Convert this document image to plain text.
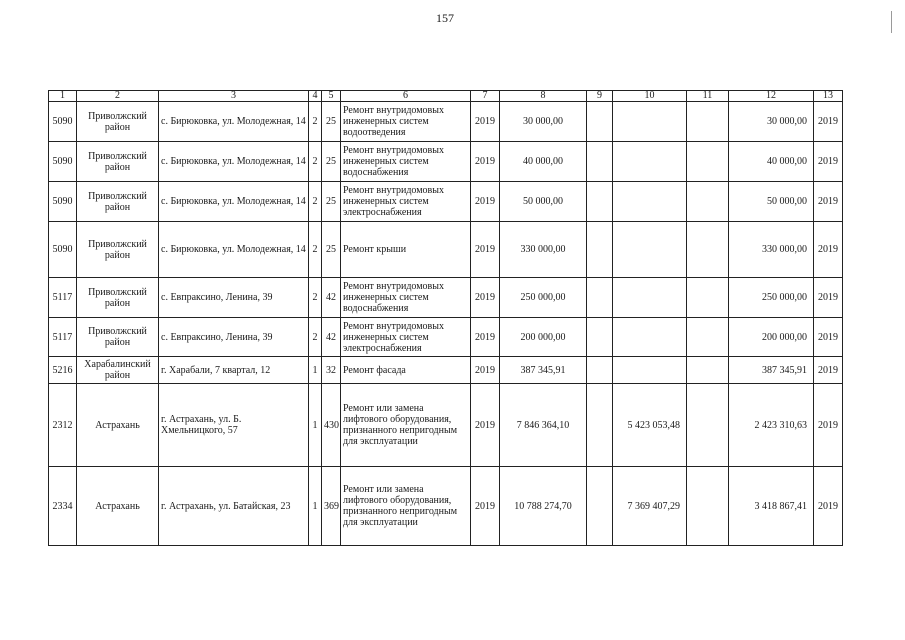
157
1	2	3	4	5	6	7	8	9	10	11	12	13
5090	Приволжский район	с. Бирюковка, ул. Молодежная, 14	2	25	Ремонт внутридомовых инженерных систем водоотведения	2019	30 000,00				30 000,00	2019
5090	Приволжский район	с. Бирюковка, ул. Молодежная, 14	2	25	Ремонт внутридомовых инженерных систем водоснабжения	2019	40 000,00				40 000,00	2019
5090	Приволжский район	с. Бирюковка, ул. Молодежная, 14	2	25	Ремонт внутридомовых инженерных систем электроснабжения	2019	50 000,00				50 000,00	2019
5090	Приволжский район	с. Бирюковка, ул. Молодежная, 14	2	25	Ремонт крыши	2019	330 000,00				330 000,00	2019
5117	Приволжский район	с. Евпраксино, Ленина, 39	2	42	Ремонт внутридомовых инженерных систем водоснабжения	2019	250 000,00				250 000,00	2019
5117	Приволжский район	с. Евпраксино, Ленина, 39	2	42	Ремонт внутридомовых инженерных систем электроснабжения	2019	200 000,00				200 000,00	2019
5216	Харабалинский район	г. Харабали, 7 квартал, 12	1	32	Ремонт фасада	2019	387 345,91				387 345,91	2019
2312	Астрахань	г. Астрахань, ул. Б. Хмельницкого, 57	1	430	Ремонт или замена лифтового оборудования, признанного непригодным для эксплуатации	2019	7 846 364,10		5 423 053,48		2 423 310,63	2019
2334	Астрахань	г. Астрахань, ул. Батайская, 23	1	369	Ремонт или замена лифтового оборудования, признанного непригодным для эксплуатации	2019	10 788 274,70		7 369 407,29		3 418 867,41	2019
